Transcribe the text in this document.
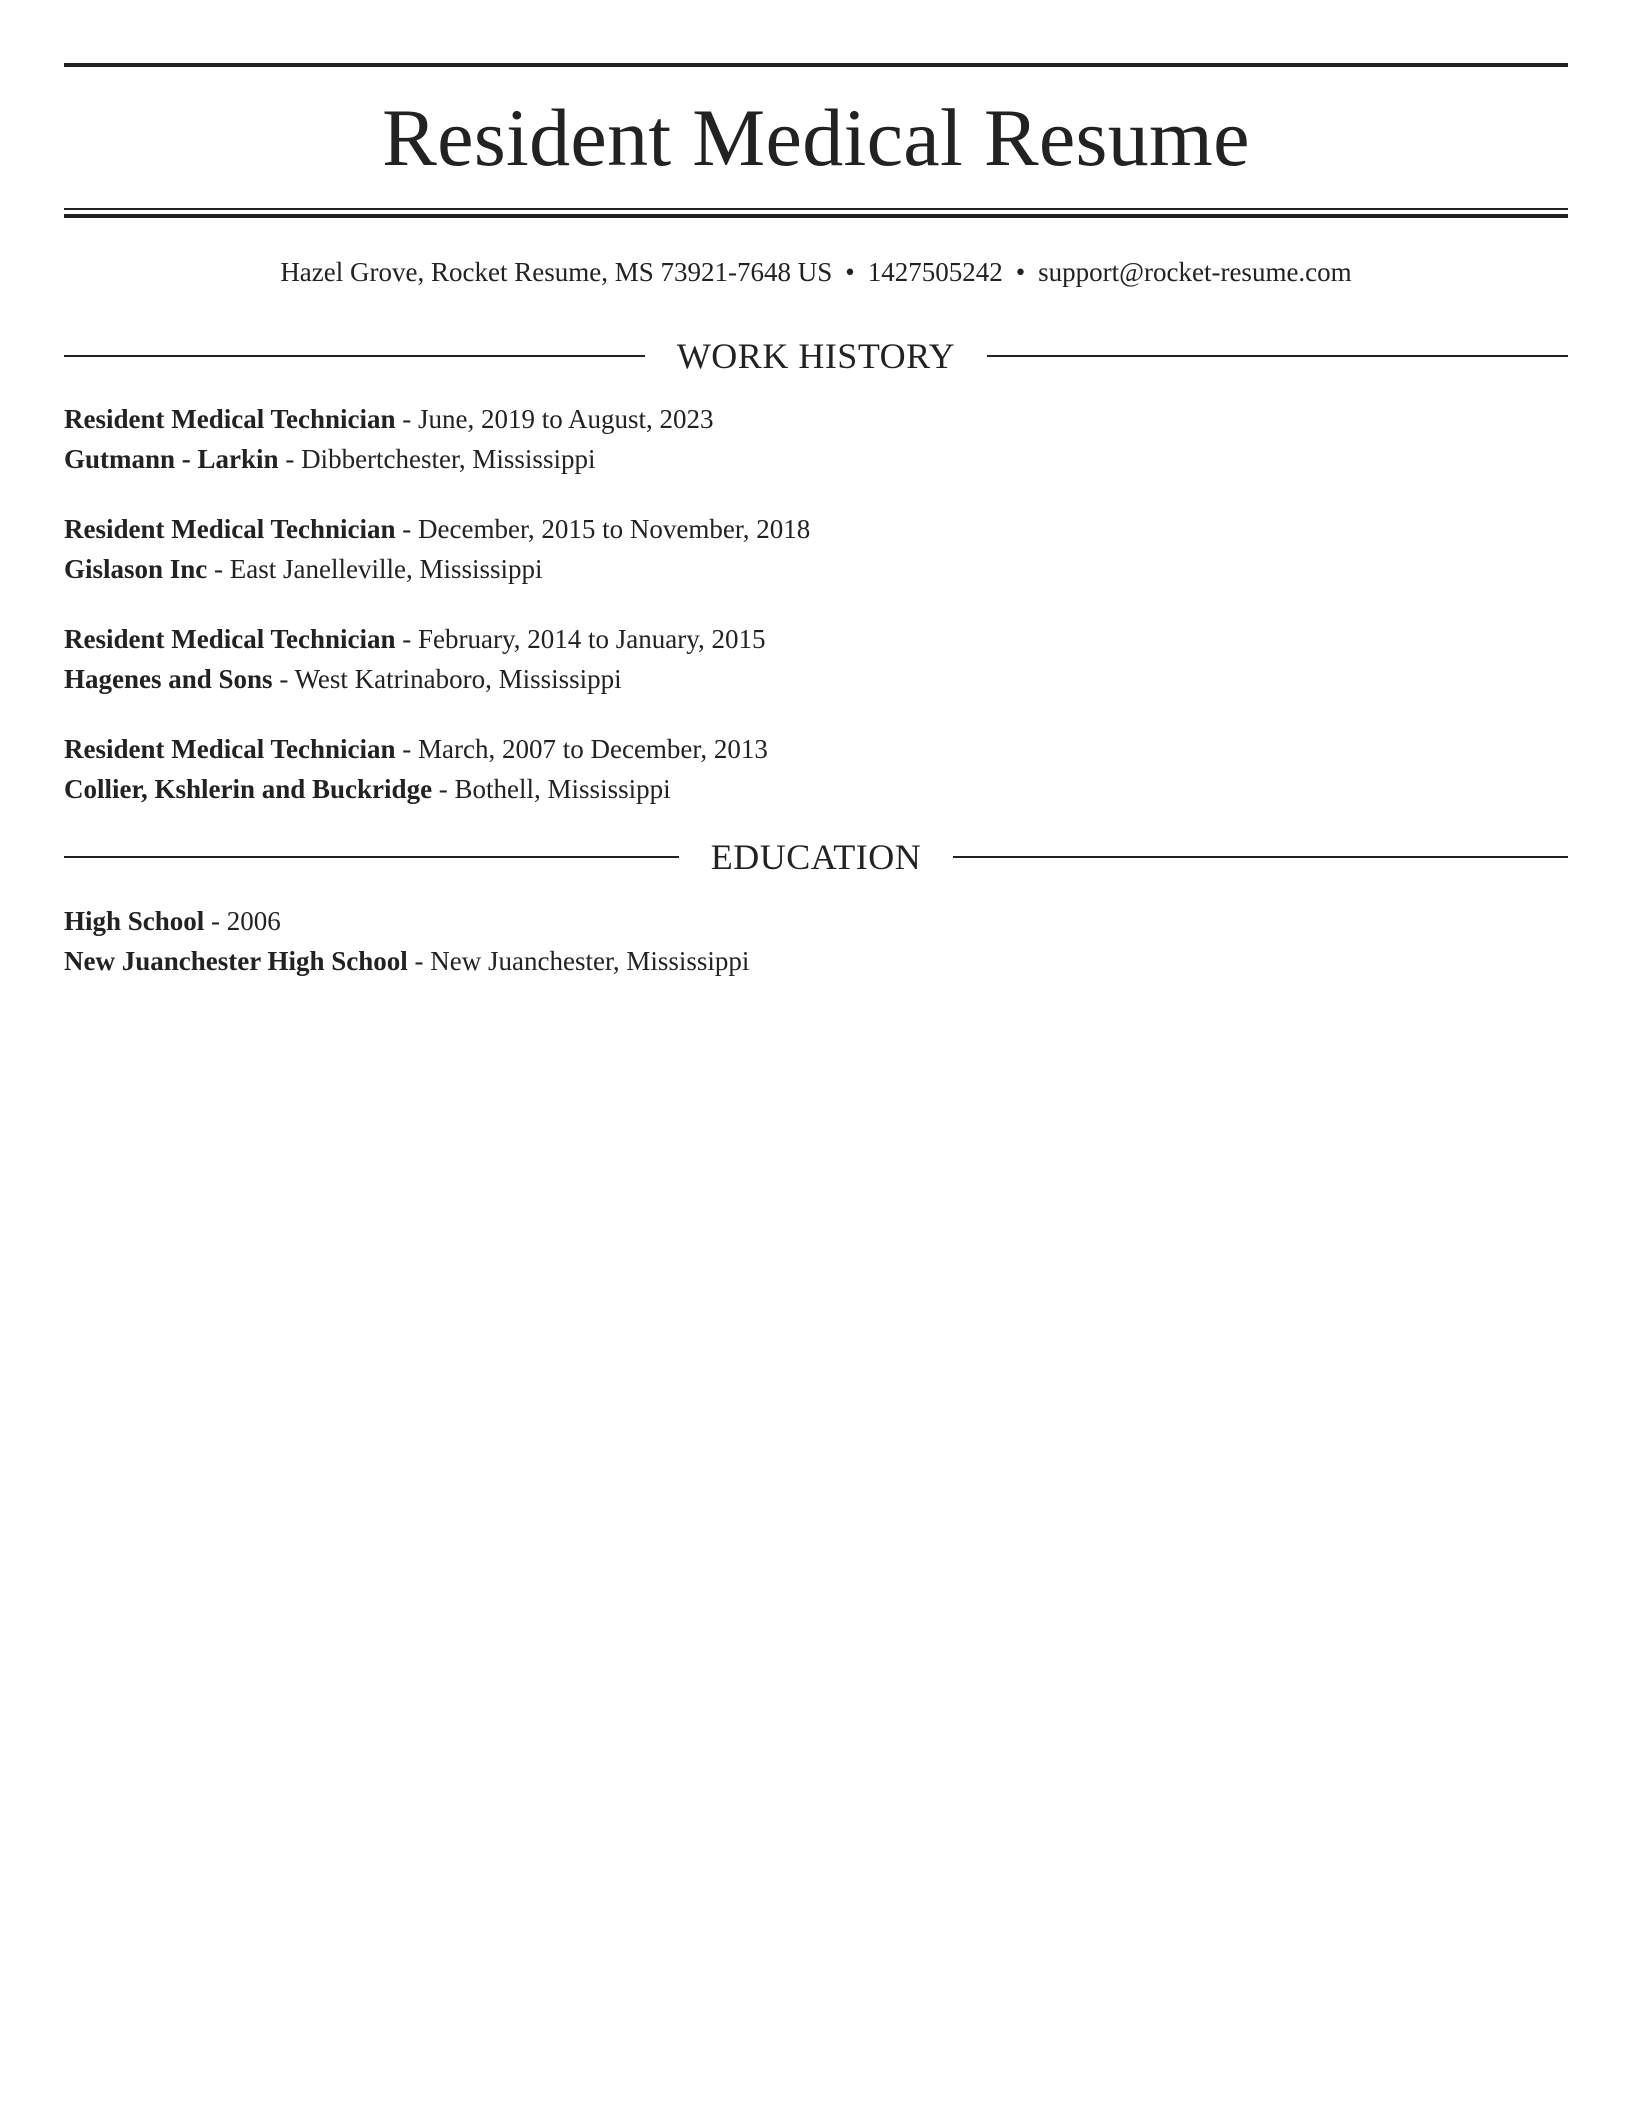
Resident Medical Resume
Hazel Grove, Rocket Resume, MS 73921-7648 US • 1427505242 • support@rocket-resume.com
WORK HISTORY
Resident Medical Technician - June, 2019 to August, 2023
Gutmann - Larkin - Dibbertchester, Mississippi
Resident Medical Technician - December, 2015 to November, 2018
Gislason Inc - East Janelleville, Mississippi
Resident Medical Technician - February, 2014 to January, 2015
Hagenes and Sons - West Katrinaboro, Mississippi
Resident Medical Technician - March, 2007 to December, 2013
Collier, Kshlerin and Buckridge - Bothell, Mississippi
EDUCATION
High School - 2006
New Juanchester High School - New Juanchester, Mississippi
